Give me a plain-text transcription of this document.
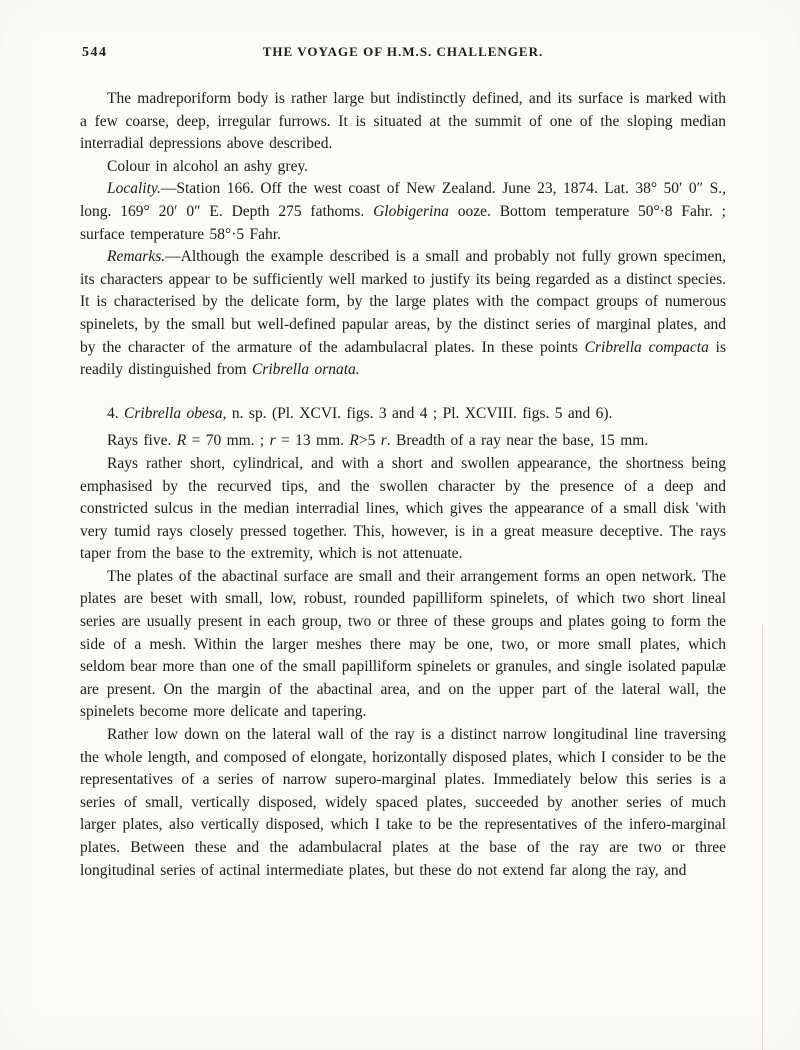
544	THE VOYAGE OF H.M.S. CHALLENGER.

The madreporiform body is rather large but indistinctly defined, and its surface is marked with a few coarse, deep, irregular furrows. It is situated at the summit of one of the sloping median interradial depressions above described.

Colour in alcohol an ashy grey.

Locality.—Station 166. Off the west coast of New Zealand. June 23, 1874. Lat. 38° 50′ 0″ S., long. 169° 20′ 0″ E. Depth 275 fathoms. Globigerina ooze. Bottom temperature 50°·8 Fahr. ; surface temperature 58°·5 Fahr.

Remarks.—Although the example described is a small and probably not fully grown specimen, its characters appear to be sufficiently well marked to justify its being regarded as a distinct species. It is characterised by the delicate form, by the large plates with the compact groups of numerous spinelets, by the small but well-defined papular areas, by the distinct series of marginal plates, and by the character of the armature of the adambulacral plates. In these points Cribrella compacta is readily distinguished from Cribrella ornata.

4. Cribrella obesa, n. sp. (Pl. XCVI. figs. 3 and 4 ; Pl. XCVIII. figs. 5 and 6).

Rays five. R = 70 mm. ; r = 13 mm. R>5 r. Breadth of a ray near the base, 15 mm.

Rays rather short, cylindrical, and with a short and swollen appearance, the shortness being emphasised by the recurved tips, and the swollen character by the presence of a deep and constricted sulcus in the median interradial lines, which gives the appearance of a small disk 'with very tumid rays closely pressed together. This, however, is in a great measure deceptive. The rays taper from the base to the extremity, which is not attenuate.

The plates of the abactinal surface are small and their arrangement forms an open network. The plates are beset with small, low, robust, rounded papilliform spinelets, of which two short lineal series are usually present in each group, two or three of these groups and plates going to form the side of a mesh. Within the larger meshes there may be one, two, or more small plates, which seldom bear more than one of the small papilliform spinelets or granules, and single isolated papulæ are present. On the margin of the abactinal area, and on the upper part of the lateral wall, the spinelets become more delicate and tapering.

Rather low down on the lateral wall of the ray is a distinct narrow longitudinal line traversing the whole length, and composed of elongate, horizontally disposed plates, which I consider to be the representatives of a series of narrow supero-marginal plates. Immediately below this series is a series of small, vertically disposed, widely spaced plates, succeeded by another series of much larger plates, also vertically disposed, which I take to be the representatives of the infero-marginal plates. Between these and the adambulacral plates at the base of the ray are two or three longitudinal series of actinal intermediate plates, but these do not extend far along the ray, and
